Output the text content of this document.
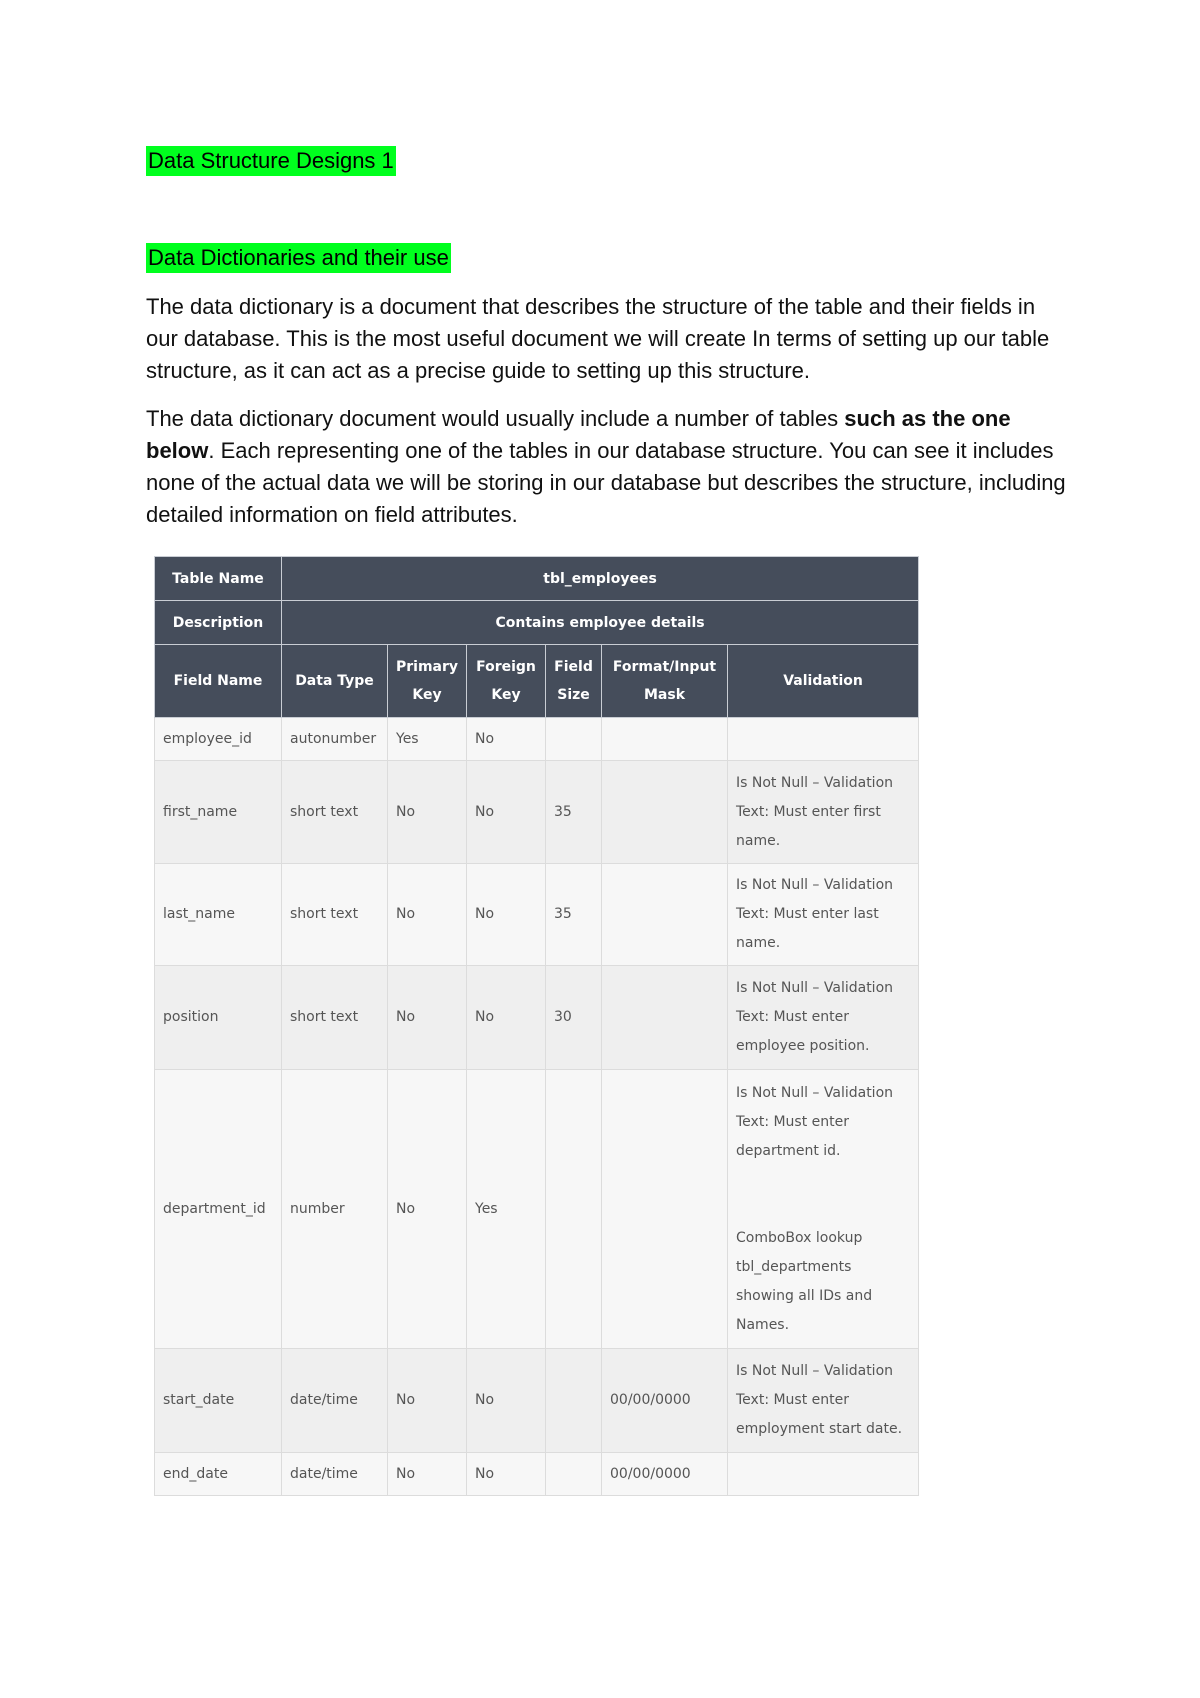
Data Structure Designs 1
Data Dictionaries and their use

The data dictionary is a document that describes the structure of the table and their fields in our database. This is the most useful document we will create In terms of setting up our table structure, as it can act as a precise guide to setting up this structure.

The data dictionary document would usually include a number of tables such as the one below. Each representing one of the tables in our database structure. You can see it includes none of the actual data we will be storing in our database but describes the structure, including detailed information on field attributes.

Table Name	tbl_employees					
Description	Contains employee details					
Field Name	Data Type	Primary Key	Foreign Key	Field Size	Format/Input Mask	Validation
employee_id	autonumber	Yes	No			
first_name	short text	No	No	35		Is Not Null – Validation Text: Must enter first name.
last_name	short text	No	No	35		Is Not Null – Validation Text: Must enter last name.
position	short text	No	No	30		Is Not Null – Validation Text: Must enter employee position.
department_id	number	No	Yes			Is Not Null – Validation Text: Must enter department id.
ComboBox lookup tbl_departments showing all IDs and Names.

start_date	date/time	No	No		00/00/0000	Is Not Null – Validation Text: Must enter employment start date.
end_date	date/time	No	No		00/00/0000	
